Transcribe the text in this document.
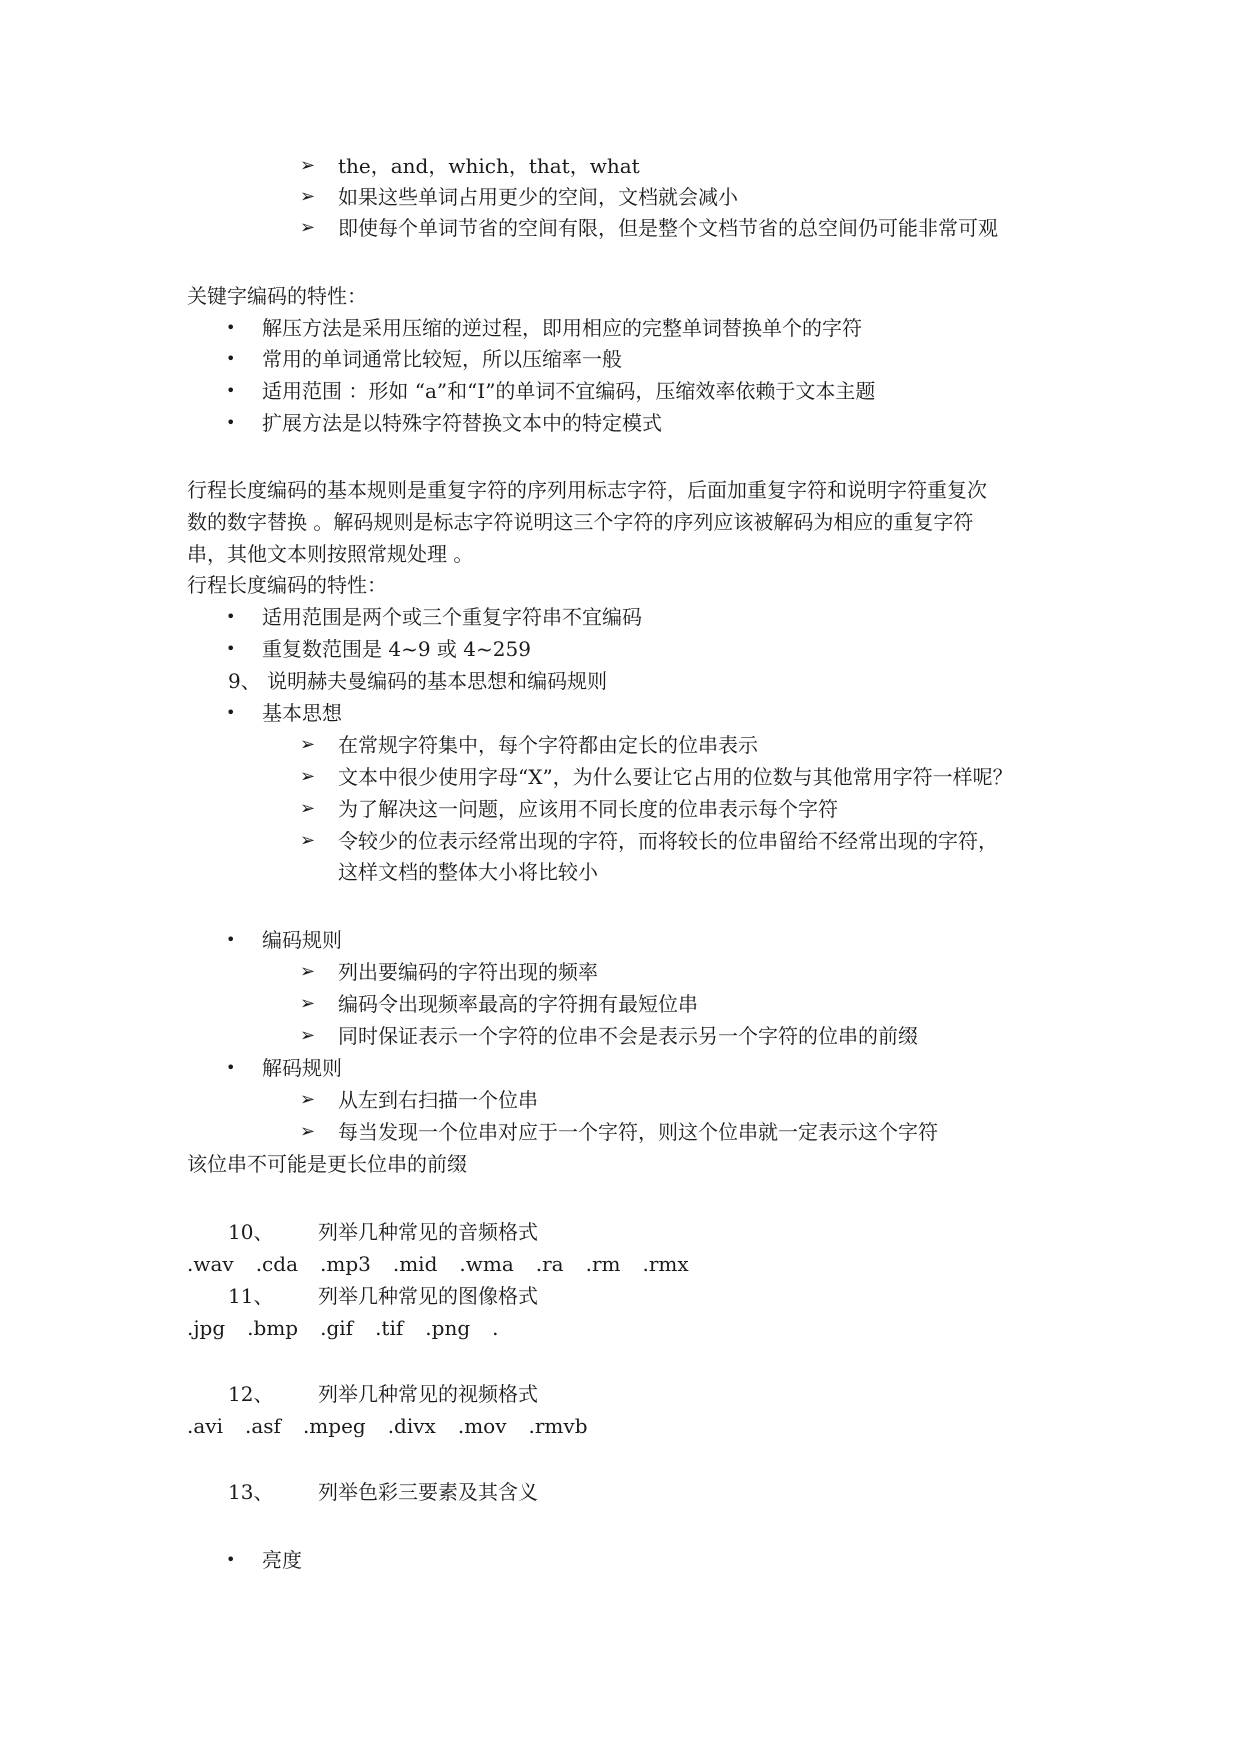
➢ the，and，which，that，what
➢ 如果这些单词占用更少的空间，文档就会减小
➢ 即使每个单词节省的空间有限，但是整个文档节省的总空间仍可能非常可观
关键字编码的特性：
• 解压方法是采用压缩的逆过程，即用相应的完整单词替换单个的字符
• 常用的单词通常比较短，所以压缩率一般
• 适用范围 ：形如 “a”和“I”的单词不宜编码，压缩效率依赖于文本主题
• 扩展方法是以特殊字符替换文本中的特定模式
行程长度编码的基本规则是重复字符的序列用标志字符，后面加重复字符和说明字符重复次
数的数字替换 。解码规则是标志字符说明这三个字符的序列应该被解码为相应的重复字符
串，其他文本则按照常规处理 。
行程长度编码的特性：
• 适用范围是两个或三个重复字符串不宜编码
• 重复数范围是 4~9 或 4~259
9、 说明赫夫曼编码的基本思想和编码规则
• 基本思想
➢ 在常规字符集中，每个字符都由定长的位串表示
➢ 文本中很少使用字母“X”，为什么要让它占用的位数与其他常用字符一样呢？
➢ 为了解决这一问题，应该用不同长度的位串表示每个字符
➢ 令较少的位表示经常出现的字符，而将较长的位串留给不经常出现的字符，
这样文档的整体大小将比较小
• 编码规则
➢ 列出要编码的字符出现的频率
➢ 编码令出现频率最高的字符拥有最短位串
➢ 同时保证表示一个字符的位串不会是表示另一个字符的位串的前缀
• 解码规则
➢ 从左到右扫描一个位串
➢ 每当发现一个位串对应于一个字符，则这个位串就一定表示这个字符
该位串不可能是更长位串的前缀
10、 列举几种常见的音频格式
.wav .cda .mp3 .mid .wma .ra .rm .rmx
11、 列举几种常见的图像格式
.jpg .bmp .gif .tif .png .
12、 列举几种常见的视频格式
.avi .asf .mpeg .divx .mov .rmvb
13、 列举色彩三要素及其含义
• 亮度
